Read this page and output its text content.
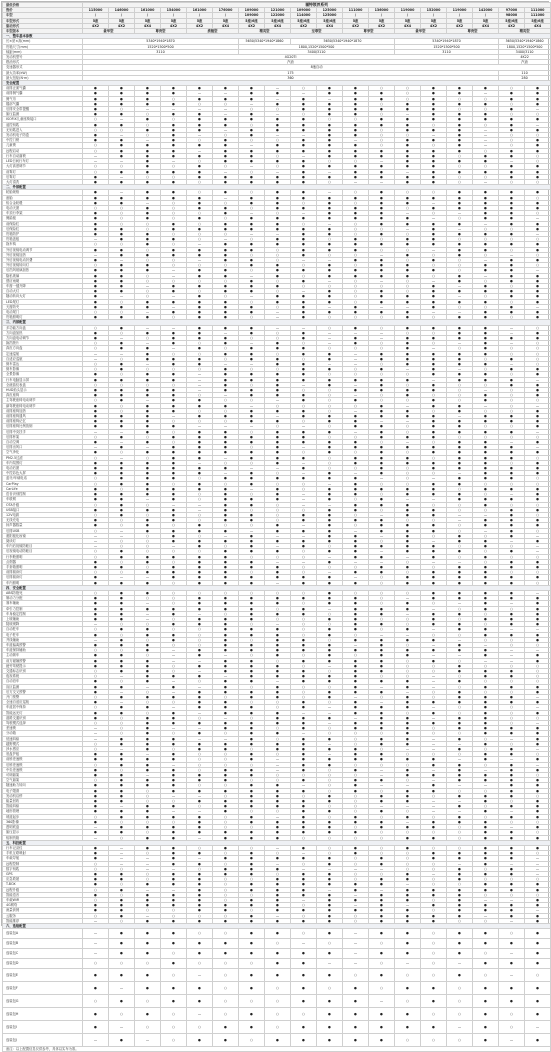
最低价格	福特领界系列																	
售价	115000	146000	161000	154000	161000	176000	109000	121000	109000	125000	111000	136000	119000	152000	119000	142000	97000	111000
车型	/	/	/	/	/	/	109000	122000	114000	125000	/	/	/	/	/	/	98000	111000
车型形式	5座	5座	5座	5座	5座	5座	5座/6座	5座/6座	5座/6座	5座/6座	5座	5座	5座	5座	5座	5座	5座/6座	5座/6座
驱动形式	4X2	4X2	4X4	4X2	4X2	4X4	4X2	4X4	4X2	4X4	4X2	4X2	4X4	4X2	4X2	4X4	4X2	4X4
车型版本	豪华型		尊贵型		旗舰型		精英型		至尊型		尊享型		豪华型		尊贵型		精英型	
一、整车基本参数																		
长×宽×高(mm)	5340*1940*1870						5650/5340*1940*1860		5650/5340*1940*1870				5340*1940*1870				5650/5340*1940*1860	
货箱尺寸(mm)	1520*1500*500						1800,1520*1500*500						1520*1500*500				1800,1520*1500*500	
轴距(mm)	3110						3400/3110						3110				3400/3110	
发动机型号	4G20TI																4K22	
燃油形式	汽油																汽油	
变速器形式	8速自动																	
最大功率(kW)	175																110	
最大扭矩(N·m)	360																280	
安全配置																		
前排正面气囊	●	●	●	●	●	●	●	—	○	●	●	○	○	●	●	●	○	●
前排侧气囊	●	●	●	●	—	—	●	●	—	●	●	●	○	●	●	—	●	●
侧气帘	●	●	●	○	●	●	●	—	●	—	●	●	○	●	○	○	●	●
膝部气囊	●	●	●	●	○	○	—	●	●	●	●	○	●	●	●	●	○	●
后排安全带提醒	●	○	—	—	—	—	○	○	●	●	●	●	●	●	○	○	●	—
胎压监测	●	●	○	●	●	—	●	—	○	●	●	○	—	●	●	●	○	○
ISOFIX儿童座椅接口	○	—	●	○	●	●	●	●	●	○	○	●	●	●	●	●	●	●
遥控钥匙	●	●	○	●	●	●	○	●	●	●	●	●	●	○	●	○	●	—
无钥匙进入	○	○	●	●	●	—	●	●	●	●	●	○	●	●	●	—	●	●
发动机电子防盗	●	—	○	●	—	○	●	—	—	●	●	○	○	—	●	—	○	○
中控门锁	●	●	—	●	○	●	○	○	●	●	—	○	●	●	●	—	○	●
儿童锁	○	●	●	●	●	●	—	●	●	●	●	○	●	○	●	—	○	●
远程启动	○	●	●	●	—	●	●	●	●	●	●	●	●	●	●	○	●	●
行车自动落锁	—	●	●	●	●	●	●	○	—	●	●	●	●	●	○	●	●	○
LED日间行车灯	—	—	●	—	○	●	●	●	●	○	○	—	●	●	●	●	—	○
大灯高度调节	○	○	●	○	●	○	—	○	●	●	●	●	●	●	○	○	●	●
前雾灯	○	●	●	●	●	—	○	—	●	—	●	●	—	●	●	●	●	●
后雾灯	●	—	○	○	●	●	●	●	●	●	●	●	●	●	○	○	●	●
大灯清洗	●	●	●	●	○	●	●	●	●	○	—	—	●	●	○	—	○	○
二、外部配置																		
轮胎规格	●	—	●	●	○	●	○	●	●	—	○	●	○	○	●	●	●	●
备胎	●	●	●	●	●	—	●	●	●	●	●	●	●	●	●	●	●	○
铝合金轮毂	●	●	—	○	●	○	●	●	○	●	○	●	●	—	●	●	●	●
电动天窗	○	○	●	○	●	●	○	●	●	●	●	●	○	●	●	●	●	●
车顶行李架	●	○	●	○	○	●	—	○	—	●	●	●	—	○	—	●	●	○
侧踏板	●	○	●	○	●	○	●	●	●	●	●	●	●	—	○	●	●	—
前保险杠	●	○	○	●	○	●	●	●	○	—	○	●	●	●	●	—	●	●
后保险杠	●	●	○	●	●	●	●	●	●	●	○	○	—	●	—	○	○	●
货箱防护	●	●	●	○	○	○	—	—	●	●	○	●	○	●	●	●	●	—
货箱盖板	—	●	●	●	○	—	○	●	●	○	●	○	●	●	○	○	○	○
拖车钩	○	○	●	○	—	●	●	●	●	●	●	●	●	●	●	●	●	●
外后视镜电动调节	●	●	○	●	●	●	●	○	●	●	●	○	○	—	●	●	○	●
外后视镜加热	—	●	●	●	●	●	○	○	●	○	○	—	●	○	●	○	—	○
外后视镜电动折叠	●	—	○	○	—	●	●	○	—	—	●	●	○	●	○	—	●	●
外后视镜转向灯	○	●	●	○	○	○	●	●	○	●	○	●	●	○	○	●	●	○
后挡风玻璃加热	●	●	●	—	●	●	○	●	●	●	●	●	●	●	○	●	●	—
隐私玻璃	●	●	○	—	●	●	—	●	○	●	●	●	●	○	●	—	●	●
感应雨刷	●	●	○	○	○	○	●	○	●	—	○	—	○	—	●	○	●	●
车窗一键升降	●	●	—	●	●	●	●	●	○	○	○	○	○	●	—	●	○	●
自动大灯	●	●	○	●	○	●	●	○	—	●	○	●	○	●	●	●	●	●
随动转向大灯	●	—	○	—	●	○	—	●	●	●	○	●	●	●	—	○	●	●
LED尾灯	●	○	●	●	●	●	○	●	●	●	○	●	●	●	●	●	○	●
天窗防夹	●	●	●	—	●	●	●	○	●	—	●	—	—	●	○	○	●	—
电动尾门	○	○	—	●	●	●	●	—	●	●	●	●	●	—	—	●	●	●
货箱照明灯	●	●	●	○	●	●	○	—	●	○	○	○	●	○	●	●	○	●
三、内部配置																		
多功能方向盘	○	●	—	—	●	●	●	—	—	○	●	○	●	●	●	●	—	○
方向盘加热	●	○	●	●	●	—	●	○	●	—	—	—	○	○	●	●	—	●
方向盘电动调节	●	—	○	●	●	●	○	○	●	—	●	—	●	●	●	●	●	●
换挡拨片	○	●	—	●	○	●	—	●	○	—	●	○	●	○	—	●	—	○
真皮方向盘	○	●	●	—	●	○	●	●	●	○	○	○	●	—	○	●	○	○
定速巡航	—	—	●	○	○	●	●	○	●	●	—	●	●	●	●	●	○	○
自适应巡航	—	○	●	●	●	○	●	●	○	●	—	●	●	●	●	○	●	○
倒车雷达	○	●	—	●	●	—	—	●	●	—	—	○	●	●	●	●	—	○
倒车影像	○	●	○	○	○	●	○	○	●	●	○	●	—	●	—	○	●	●
全景影像	●	○	●	●	—	●	●	●	●	○	○	○	○	●	●	●	○	●
行车电脑显示屏	●	●	●	●	—	●	●	●	●	●	●	●	●	—	●	●	●	—
全液晶仪表盘	○	○	○	○	—	●	○	●	—	●	—	●	○	●	○	○	●	●
HUD抬头显示	●	●	●	●	—	●	●	●	○	○	●	●	●	●	○	—	○	●
真皮座椅	●	●	●	●	○	—	●	●	●	○	—	○	●	○	○	●	○	●
主驾驶座椅电动调节	○	●	—	●	●	○	○	—	●	○	●	○	○	●	○	●	○	○
副驾驶座椅电动调节	●	○	●	●	●	●	—	○	○	○	○	●	—	●	●	—	○	—
前排座椅加热	●	○	●	●	○	○	●	●	●	○	—	●	●	○	●	○	○	●
前排座椅通风	●	●	●	—	●	●	●	—	●	●	●	●	●	●	—	●	●	●
前排座椅记忆	●	●	●	○	○	○	●	●	○	●	●	—	—	●	●	●	●	●
后排座椅比例放倒	●	●	●	●	—	—	—	○	—	○	●	●	○	●	●	○	○	●
后排中央扶手	—	—	●	○	●	●	○	●	●	●	—	●	○	●	●	●	●	—
后排杯架	○	●	○	●	●	●	●	●	●	○	○	●	●	●	○	○	○	○
自动空调	●	—	●	○	●	●	●	●	●	●	●	○	—	○	●	●	—	●
后排出风口	—	●	—	●	●	●	○	●	—	●	●	●	●	●	●	●	●	—
空气净化	●	○	●	●	●	●	●	●	○	●	○	●	○	●	●	●	●	●
PM2.5过滤	○	—	○	●	●	—	●	●	●	○	●	●	●	○	●	●	●	○
车内氛围灯	●	●	●	●	—	○	○	●	—	○	●	●	●	●	●	●	○	●
电动后窗	●	●	●	●	●	●	—	—	●	○	○	●	○	●	●	●	●	●
中控彩色大屏	●	●	●	●	●	—	●	○	—	●	—	●	○	○	—	●	●	●
蓝牙/车载电话	○	●	●	●	○	●	●	●	●	●	●	—	○	—	●	●	●	○
CarPlay	○	●	●	○	●	○	●	○	○	—	●	○	○	●	●	○	○	○
CarLife	●	○	●	●	●	●	—	●	○	●	●	●	●	●	○	●	●	●
语音识别控制	●	●	●	●	○	●	○	●	—	●	●	○	●	●	●	○	—	●
车联网	●	●	—	●	○	●	●	●	—	●	○	●	—	—	●	●	●	●
OTA升级	○	●	○	—	—	●	●	○	—	—	●	●	●	○	○	●	○	○
USB接口	●	●	●	●	—	●	○	○	○	●	●	○	●	●	○	○	●	●
12V电源	○	●	○	●	○	●	●	○	●	●	○	—	●	●	—	—	●	○
无线充电	●	○	●	●	○	●	●	○	●	●	●	●	○	○	—	●	●	●
扬声器数量	●	○	●	○	●	○	○	●	—	●	○	●	●	●	○	●	●	●
后排USB	○	—	●	●	●	●	—	●	●	●	—	●	●	●	○	—	●	○
遮阳板化妆镜	—	—	○	●	○	—	●	—	—	●	●	—	●	○	●	○	●	—
阅读灯	—	○	○	●	●	●	●	●	●	●	●	○	●	—	●	●	—	●
车内后视镜防眩目	—	○	○	—	●	○	●	—	●	○	●	●	●	●	○	●	○	—
后视镜电动防眩目	○	●	○	○	○	●	●	●	○	●	●	—	●	●	●	○	●	—
行李舱照明	○	●	●	●	●	●	○	○	○	—	●	●	—	●	○	●	○	○
点烟器	●	○	●	○	●	●	●	—	—	●	—	—	○	—	—	○	●	●
手套箱照明	●	●	○	●	●	●	●	●	○	○	○	●	●	○	●	●	●	●
前排阅读灯	○	○	●	●	●	●	○	●	○	—	●	●	○	●	●	●	○	○
后排阅读灯	●	—	—	●	●	●	●	●	●	●	—	○	●	●	●	●	●	●
车内照明	●	●	●	○	●	●	●	—	●	●	●	○	●	●	●	●	●	○
四、安全配置																		
ABS防抱死	○	●	●	○	○	○	○	○	○	●	○	○	○	●	●	●	●	—
制动力分配	●	●	○	○	●	●	●	●	●	●	●	○	—	●	●	●	●	●
刹车辅助	●	●	—	○	●	●	●	●	○	●	●	○	●	○	—	●	—	●
牵引力控制	●	●	●	●	●	●	●	○	●	—	●	●	●	—	○	●	○	●
车身稳定控制	●	●	—	●	—	○	●	●	●	○	●	●	—	●	●	○	●	●
上坡辅助	●	●	—	○	●	●	●	○	○	●	●	○	○	●	○	●	●	●
陡坡缓降	—	○	○	●	●	●	○	—	○	○	●	●	○	●	●	○	●	●
自动驻车	○	●	●	○	○	●	●	●	○	●	●	○	●	—	●	●	—	—
电子驻车	●	○	●	●	○	●	●	●	○	●	○	—	—	○	○	●	●	●
并线辅助	—	●	○	●	○	●	○	●	●	○	●	●	●	●	—	○	○	●
车道偏离预警	●	●	●	○	○	●	●	●	●	●	—	●	○	—	●	—	○	○
车道保持辅助	○	○	●	—	●	●	●	●	●	●	●	●	●	●	●	●	—	—
主动刹车	●	●	○	—	●	—	○	●	○	●	○	●	●	—	—	●	—	●
前方碰撞预警	●	●	●	—	—	●	●	○	●	●	●	●	○	●	○	—	—	●
疲劳驾驶提示	●	●	●	○	●	●	●	●	○	—	●	●	○	○	●	○	○	○
交通标志识别	○	●	●	○	—	●	●	●	●	○	●	●	○	○	●	●	●	○
夜视系统	○	—	●	●	●	—	●	●	●	●	●	○	○	—	○	●	●	○
自动泊车	●	○	●	—	○	●	●	—	●	●	●	●	●	—	●	○	○	○
盲区监测	●	●	—	●	—	●	○	●	○	○	●	—	●	—	○	●	●	●
后方交叉预警	●	—	○	—	●	●	●	●	○	●	●	●	—	○	●	○	○	●
开门预警	○	●	●	●	●	○	●	●	○	●	—	○	●	○	●	●	●	—
全速自适应巡航	●	—	○	○	●	●	○	○	●	○	●	—	●	●	●	●	●	●
车道居中保持	○	●	●	—	●	●	●	○	●	—	●	●	●	—	○	●	○	—
智能远光灯	●	●	○	●	—	●	●	●	—	—	●	●	○	●	○	●	○	●
道路交通识别	●	○	●	●	○	—	○	●	●	●	—	●	●	—	●	●	○	○
驾驶模式选择	○	○	●	●	●	●	●	●	●	—	●	●	●	●	●	●	○	—
差速锁	—	○	●	—	—	●	●	○	●	○	●	●	●	○	●	●	●	●
分动箱	—	○	●	○	●	○	●	●	—	○	○	○	●	○	○	●	●	●
低速四驱	—	●	●	●	—	—	●	○	●	●	○	●	●	—	●	○	—	●
越野模式	○	●	●	●	●	●	●	●	●	—	○	●	●	—	—	●	○	●
涉水感应	○	—	●	○	●	●	○	●	●	●	●	○	—	—	●	○	●	—
底盘护板	●	●	—	●	○	○	●	○	●	—	●	●	○	○	○	●	●	○
前桥差速锁	●	●	●	●	○	○	●	—	●	●	●	●	●	●	—	●	—	●
后桥差速锁	○	●	●	—	○	○	○	—	●	●	○	○	○	●	●	○	●	—
中央差速锁	●	○	●	●	○	●	●	—	●	○	●	—	●	—	●	—	●	●
可调悬架	●	●	—	●	●	●	●	○	○	○	○	—	●	●	●	●	●	○
空气悬架	○	●	●	●	●	●	○	○	●	○	●	●	○	—	●	●	●	●
随速助力转向	●	●	●	●	○	○	●	●	—	○	●	—	—	●	—	—	●	●
电子限滑	●	●	○	●	●	●	●	●	●	○	●	○	●	●	○	○	●	●
发动机启停	●	●	○	—	—	○	●	●	○	●	○	●	●	○	●	●	●	○
能量回收	●	●	○	○	●	●	●	●	●	●	○	●	●	—	—	●	○	●
智能四驱	●	—	●	●	○	●	●	●	●	○	○	—	—	—	●	○	●	●
地形管理	●	●	●	—	—	●	○	○	●	●	○	●	○	—	—	●	—	●
坡道起步	○	●	●	●	●	○	●	—	●	○	●	○	●	○	●	○	●	●
360影像	●	○	○	○	●	○	●	●	●	●	●	●	—	●	●	●	○	○
透明底盘	—	●	●	●	●	○	○	●	●	●	○	●	●	●	○	●	—	●
胎压显示	●	●	○	●	●	●	●	●	●	●	●	○	○	○	○	●	●	○
铝制货箱	—	○	●	●	—	●	●	●	○	○	○	○	●	●	○	●	●	●
五、科技配置																		
行车记录仪	●	—	●	●	○	●	○	—	●	○	●	○	●	○	○	●	●	●
手机互联映射	●	—	○	●	●	○	●	○	—	○	●	○	○	●	●	●	●	○
车载导航	●	—	—	●	—	●	●	●	●	●	○	●	○	●	●	●	●	—
远程控制	○	—	—	●	●	○	●	—	○	●	○	●	○	○	—	●	—	—
数字钥匙	○	○	—	—	○	●	●	●	—	—	—	—	○	○	●	○	●	—
GPS	●	●	○	●	●	●	●	○	●	●	○	○	●	—	●	●	●	—
应急救援	●	●	○	●	●	○	○	●	●	●	○	●	●	○	●	○	○	○
T-BOX	●	○	●	●	●	○	●	●	●	●	●	●	—	○	○	●	●	●
远程升级	○	●	—	—	●	○	●	●	●	—	●	—	●	●	●	●	●	●
智能语音	●	○	●	●	●	○	○	●	●	●	—	●	●	●	●	○	○	○
车载WiFi	○	●	●	●	●	○	●	●	—	●	●	●	●	○	●	—	—	●
4G网络	●	●	●	●	●	●	●	●	○	●	—	●	—	●	●	●	●	●
流量套餐	●	●	○	○	●	●	○	●	●	●	●	●	●	○	●	●	●	—
云服务	○	●	—	○	○	○	●	—	○	●	○	●	●	●	●	—	●	●
智能推荐	—	○	●	●	●	●	●	●	●	●	○	●	●	●	○	○	—	●
六、选装配置																		
选装包A	—	●	●	●	○	○	●	●	○	●	—	●	●	○	●	●	○	●
选装包B	—	●	●	●	●	●	●	○	—	○	—	○	●	○	●	●	●	●
选装包C	—	●	●	○	●	●	●	●	●	●	—	●	●	○	●	○	—	●
选装包D	○	○	○	●	○	○	○	●	●	—	—	○	—	○	—	●	●	●
选装包E	●	●	●	○	—	○	●	●	●	●	○	●	○	○	●	○	—	○
选装包F	●	—	●	●	●	○	●	○	●	○	●	○	●	●	○	●	●	●
选装包G	○	●	○	●	●	○	○	○	●	●	●	—	○	●	○	●	●	●
选装包H	●	○	●	○	—	○	●	○	○	●	●	●	●	○	○	●	○	●
选装包I	●	—	○	○	○	●	●	○	●	●	●	●	●	●	—	●	○	—
选装包J	—	●	—	○	●	●	○	●	●	●	●	●	○	○	○	●	—	●
备注：以上配置信息仅供参考，具体以实车为准。																		
